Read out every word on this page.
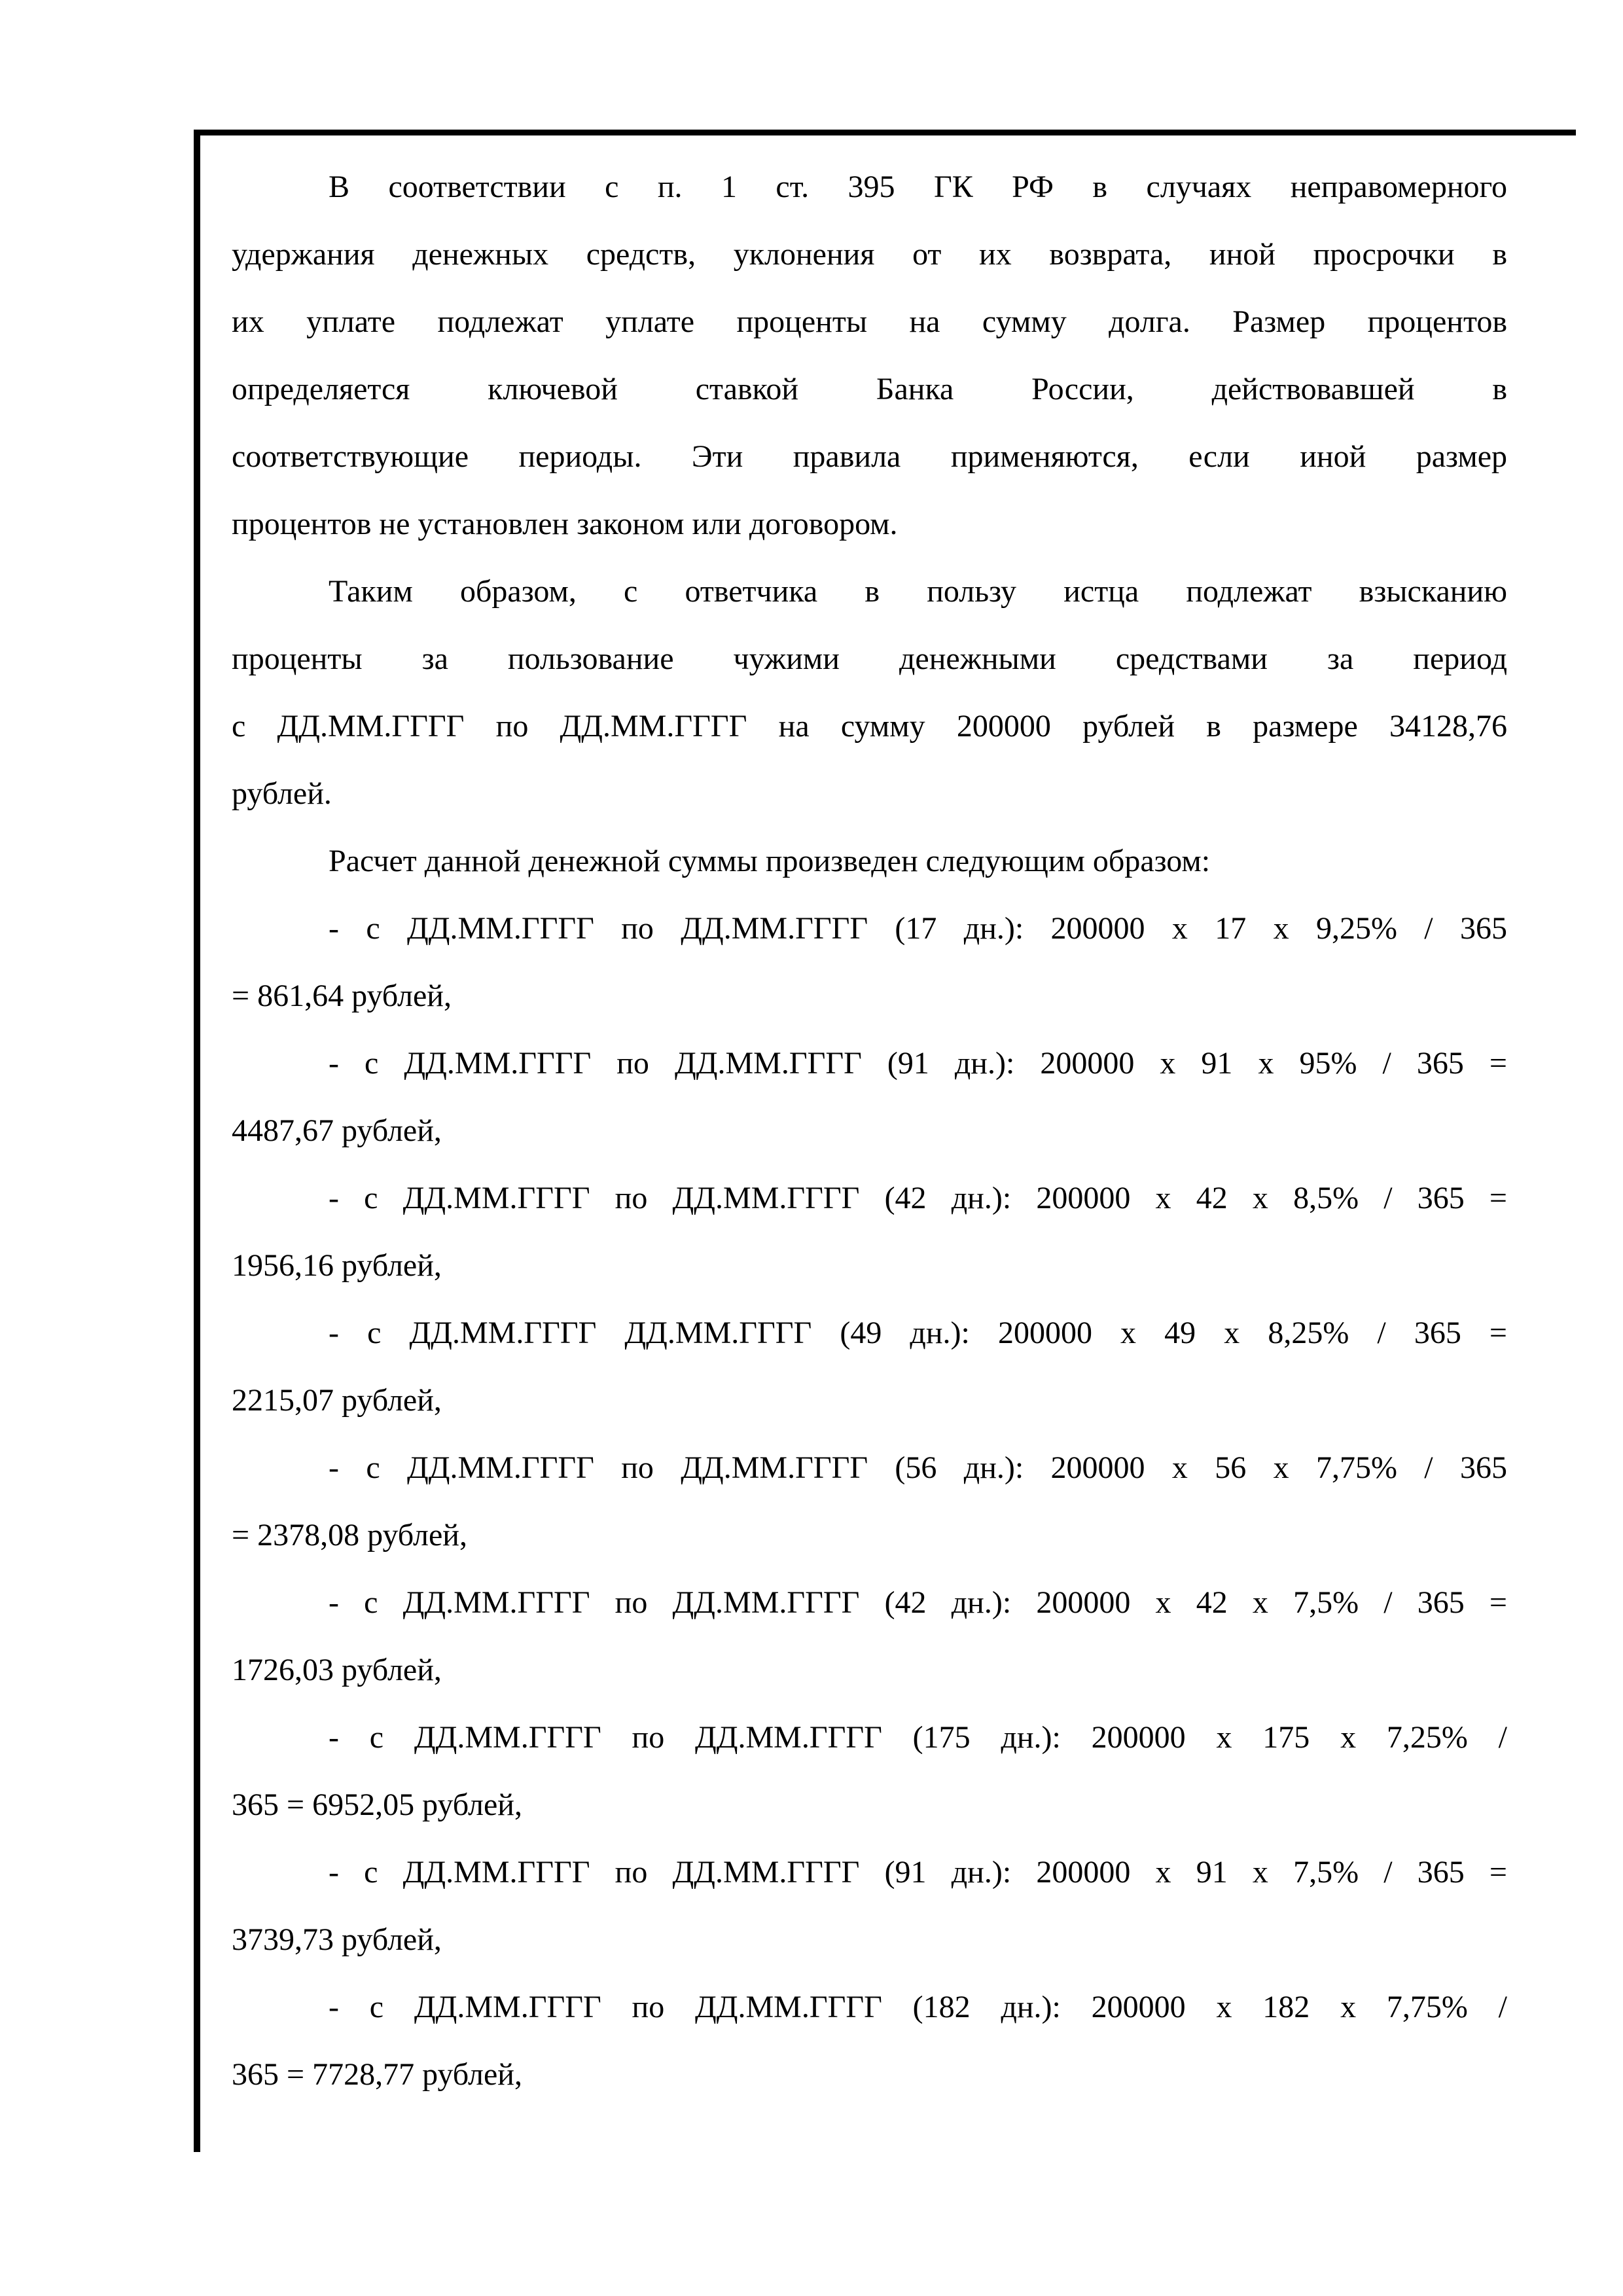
В соответствии с п. 1 ст. 395 ГК РФ в случаях неправомерного
удержания денежных средств, уклонения от их возврата, иной просрочки в
их уплате подлежат уплате проценты на сумму долга. Размер процентов
определяется ключевой ставкой Банка России, действовавшей в
соответствующие периоды. Эти правила применяются, если иной размер
процентов не установлен законом или договором.
Таким образом, с ответчика в пользу истца подлежат взысканию
проценты за пользование чужими денежными средствами за период
с ДД.ММ.ГГГГ по ДД.ММ.ГГГГ на сумму 200000 рублей в размере 34128,76
рублей.
Расчет данной денежной суммы произведен следующим образом:
- с ДД.ММ.ГГГГ по ДД.ММ.ГГГГ (17 дн.): 200000 х 17 х 9,25% / 365
= 861,64 рублей,
- с ДД.ММ.ГГГГ по ДД.ММ.ГГГГ (91 дн.): 200000 х 91 х 95% / 365 =
4487,67 рублей,
- с ДД.ММ.ГГГГ по ДД.ММ.ГГГГ (42 дн.): 200000 х 42 х 8,5% / 365 =
1956,16 рублей,
- с ДД.ММ.ГГГГ ДД.ММ.ГГГГ (49 дн.): 200000 х 49 х 8,25% / 365 =
2215,07 рублей,
- с ДД.ММ.ГГГГ по ДД.ММ.ГГГГ (56 дн.): 200000 х 56 х 7,75% / 365
= 2378,08 рублей,
- с ДД.ММ.ГГГГ по ДД.ММ.ГГГГ (42 дн.): 200000 х 42 х 7,5% / 365 =
1726,03 рублей,
- с ДД.ММ.ГГГГ по ДД.ММ.ГГГГ (175 дн.): 200000 х 175 х 7,25% /
365 = 6952,05 рублей,
- с ДД.ММ.ГГГГ по ДД.ММ.ГГГГ (91 дн.): 200000 х 91 х 7,5% / 365 =
3739,73 рублей,
- с ДД.ММ.ГГГГ по ДД.ММ.ГГГГ (182 дн.): 200000 х 182 х 7,75% /
365 = 7728,77 рублей,
